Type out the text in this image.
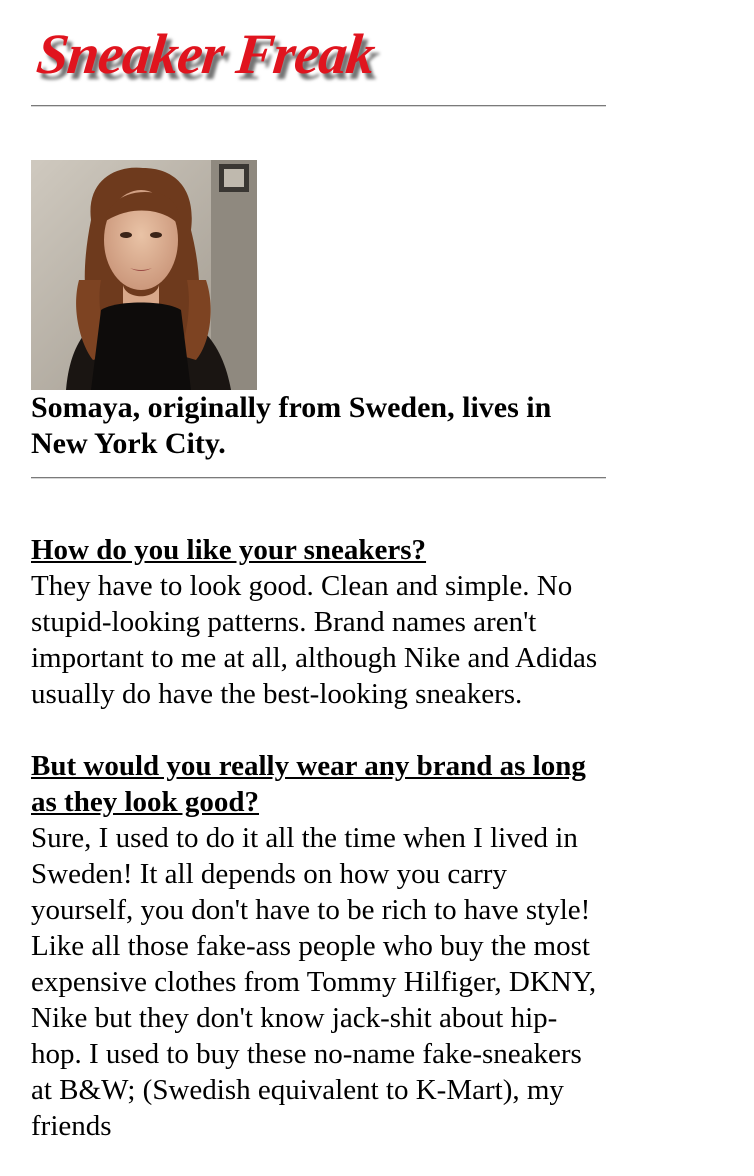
Sneaker Freak
Somaya, originally from Sweden, lives in New York City.
How do you like your sneakers?
They have to look good. Clean and simple. No stupid-looking patterns. Brand names aren't important to me at all, although Nike and Adidas usually do have the best-looking sneakers.
But would you really wear any brand as long as they look good?
Sure, I used to do it all the time when I lived in Sweden! It all depends on how you carry yourself, you don't have to be rich to have style! Like all those fake-ass people who buy the most expensive clothes from Tommy Hilfiger, DKNY, Nike but they don't know jack-shit about hip-hop. I used to buy these no-name fake-sneakers at B&W; (Swedish equivalent to K-Mart), my friends
